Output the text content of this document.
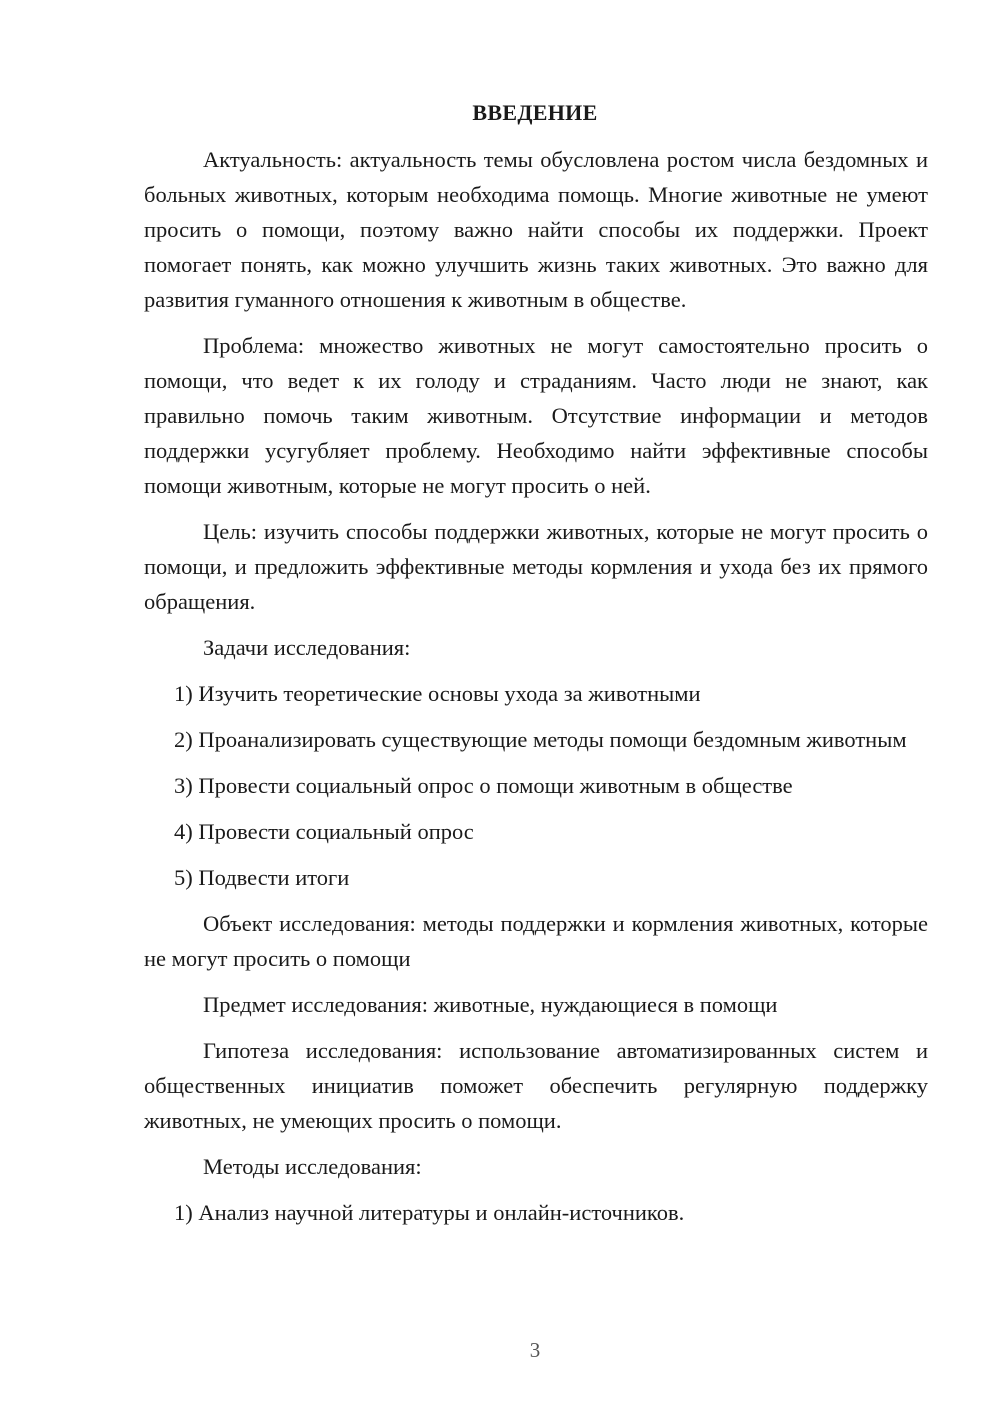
ВВЕДЕНИЕ

Актуальность: актуальность темы обусловлена ростом числа бездомных и больных животных, которым необходима помощь. Многие животные не умеют просить о помощи, поэтому важно найти способы их поддержки. Проект помогает понять, как можно улучшить жизнь таких животных. Это важно для развития гуманного отношения к животным в обществе.

Проблема: множество животных не могут самостоятельно просить о помощи, что ведет к их голоду и страданиям. Часто люди не знают, как правильно помочь таким животным. Отсутствие информации и методов поддержки усугубляет проблему. Необходимо найти эффективные способы помощи животным, которые не могут просить о ней.

Цель: изучить способы поддержки животных, которые не могут просить о помощи, и предложить эффективные методы кормления и ухода без их прямого обращения.

Задачи исследования:

1) Изучить теоретические основы ухода за животными

2) Проанализировать существующие методы помощи бездомным животным

3) Провести социальный опрос о помощи животным в обществе

4) Провести социальный опрос

5) Подвести итоги

Объект исследования: методы поддержки и кормления животных, которые не могут просить о помощи

Предмет исследования: животные, нуждающиеся в помощи

Гипотеза исследования: использование автоматизированных систем и общественных инициатив поможет обеспечить регулярную поддержку животных, не умеющих просить о помощи.

Методы исследования:

1) Анализ научной литературы и онлайн-источников.

3
